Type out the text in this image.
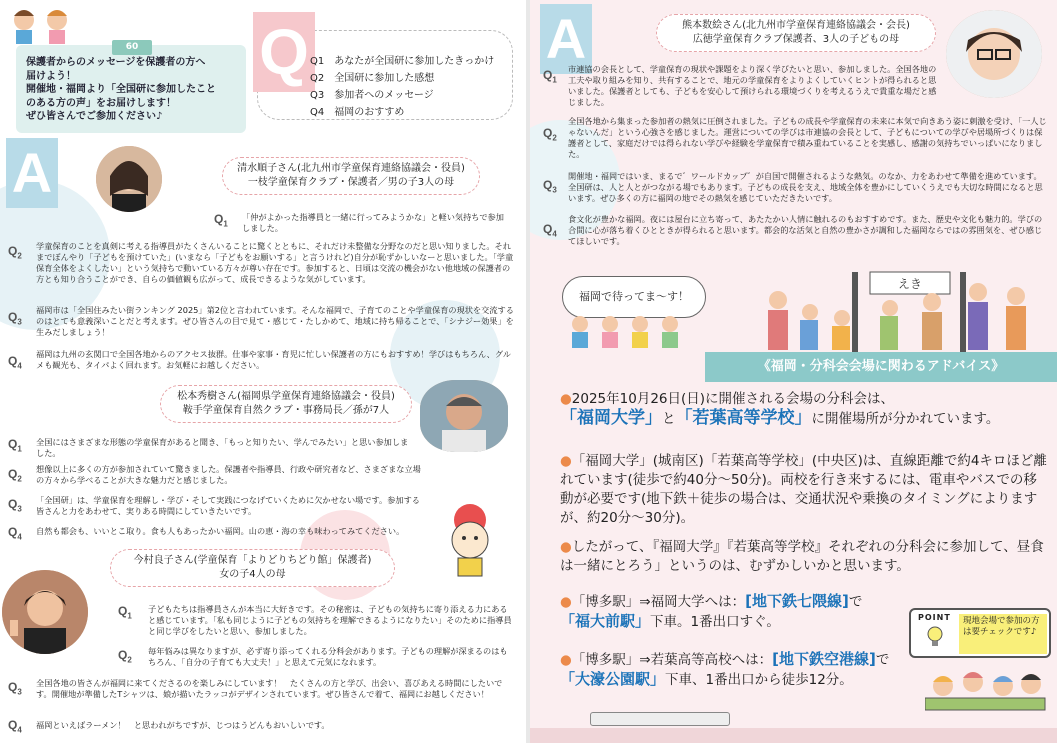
60
保護者からのメッセージを保護者の方へ
届けよう！
開催地・福岡より「全国研に参加したこと
のある方の声」をお届けします！
ぜひ皆さんでご参加ください♪
Q Q1　あなたが全国研に参加したきっかけ
Q2　全国研に参加した感想
Q3　参加者へのメッセージ
Q4　福岡のおすすめ
A	清水順子さん(北九州市学童保育連絡協議会・役員)
一枝学童保育クラブ・保護者／男の子3人の母
$Q_1$
「仲がよかった指導員と一緒に行ってみようかな」と軽い気持ちで参加しました。
$Q_2$
学童保育のことを真剣に考える指導員がたくさんいることに驚くとともに、それだけ未整備な分野なのだと思い知りました。それまでぼんやり「子どもを預けていた」(いまなら「子どもをお願いする」と言うけれど)自分が恥ずかしいなーと思いました。「学童保育全体をよくしたい」という気持ちで動いている方々が尊い存在です。参加すると、日頃は交流の機会がない他地域の保護者の方とも知り合うことができ、自らの価値観も広がって、成長できるような気がしています。
$Q_3$
福岡市は「全国住みたい街ランキング 2025」第2位と言われています。そんな福岡で、子育てのことや学童保育の現状を交流するのはとても意義深いことだと考えます。ぜひ皆さんの目で見て・感じて・たしかめて、地域に持ち帰ることで、「シナジー効果」を生みだしましょう！
$Q_4$
福岡は九州の玄関口で全国各地からのアクセス抜群。仕事や家事・育児に忙しい保護者の方にもおすすめ！学びはもちろん、グルメも観光も、タイパよく回れます。お気軽にお越しください。
松本秀樹さん(福岡県学童保育連絡協議会・役員)
鞍手学童保育自然クラブ・事務局長／孫が7人
$Q_1$
全国にはさまざまな形態の学童保育があると聞き、「もっと知りたい、学んでみたい」と思い参加しました。
$Q_2$
想像以上に多くの方が参加されていて驚きました。保護者や指導員、行政や研究者など、さまざまな立場の方々から学べることが大きな魅力だと感じました。
$Q_3$
「全国研」は、学童保育を理解し・学び・そして実践につなげていくために欠かせない場です。参加する皆さんと力をあわせて、実りある時間にしていきたいです。
$Q_4$
自然も都会も、いいとこ取り。食も人もあったかい福岡。山の恵・海の幸も味わってみてください。
今村良子さん(学童保育「よりどりちどり館」保護者)
女の子4人の母
$Q_1$
子どもたちは指導員さんが本当に大好きです。その秘密は、子どもの気持ちに寄り添える力にあると感じています。「私も同じように子どもの気持ちを理解できるようになりたい」そのために指導員と同じ学びをしたいと思い、参加しました。
$Q_2$
毎年悩みは異なりますが、必ず寄り添ってくれる分科会があります。子どもの理解が深まるのはもちろん、「自分の子育ても大丈夫！」と思えて元気になれます。
$Q_3$
全国各地の皆さんが福岡に来てくださるのを楽しみにしています！　たくさんの方と学び、出会い、喜びあえる時間にしたいです。開催地が準備したTシャツは、娘が描いたラッコがデザインされています。ぜひ皆さんで着て、福岡にお越しください！
$Q_4$	福岡といえばラーメン！　と思われがちですが、じつはうどんもおいしいです。
A	熊本数絵さん(北九州市学童保育連絡協議会・会長)
広徳学童保育クラブ保護者、3人の子どもの母
$Q_1$
市連協の会長として、学童保育の現状や課題をより深く学びたいと思い、参加しました。全国各地の工夫や取り組みを知り、共有することで、地元の学童保育をよりよくしていくヒントが得られると思いました。保護者としても、子どもを安心して預けられる環境づくりを考えるうえで貴重な場だと感じました。
$Q_2$
全国各地から集まった参加者の熱気に圧倒されました。子どもの成長や学童保育の未来に本気で向きあう姿に刺激を受け、「一人じゃないんだ」という心強さを感じました。運営についての学びは市連協の会長として、子どもについての学びや居場所づくりは保護者として、家庭だけでは得られない学びや経験を学童保育で積み重ねていることを実感し、感謝の気持ちでいっぱいになりました。
$Q_3$
開催地・福岡ではいま、まるで゛ワールドカップ゛が自国で開催されるような熱気。のなか、力をあわせて準備を進めています。全国研は、人と人とがつながる場でもあります。子どもの成長を支え、地域全体を豊かにしていくうえでも大切な時間になると思います。ぜひ多くの方に福岡の地でその熱気を感じていただきたいです。
$Q_4$
食文化が豊かな福岡。夜には屋台に立ち寄って、あたたかい人情に触れるのもおすすめです。また、歴史や文化も魅力的。学びの合間に心が落ち着くひとときが得られると思います。都会的な活気と自然の豊かさが調和した福岡ならではの雰囲気を、ぜひ感じてほしいです。
福岡で待ってま～す！
えき
《福岡・分科会会場に関わるアドバイス》
●2025年10月26日(日)に開催される会場の分科会は、
「福岡大学」と「若葉高等学校」に開催場所が分かれています。
●「福岡大学」(城南区)「若葉高等学校」(中央区)は、直線距離で約4キロほど離れています(徒歩で約40分～50分)。両校を行き来するには、電車やバスでの移動が必要です(地下鉄＋徒歩の場合は、交通状況や乗換のタイミングによりますが、約20分～30分)。
●したがって、『福岡大学』『若葉高等学校』それぞれの分科会に参加して、昼食は一緒にとろう」というのは、むずかしいかと思います。
●「博多駅」⇒福岡大学へは：[地下鉄七隈線]で
「福大前駅」下車。1番出口すぐ。
●「博多駅」⇒若葉高等高校へは：[地下鉄空港線]で
「大濠公園駅」下車、1番出口から徒歩12分。
POINT	現地会場で参加の方は要チェックです♪
